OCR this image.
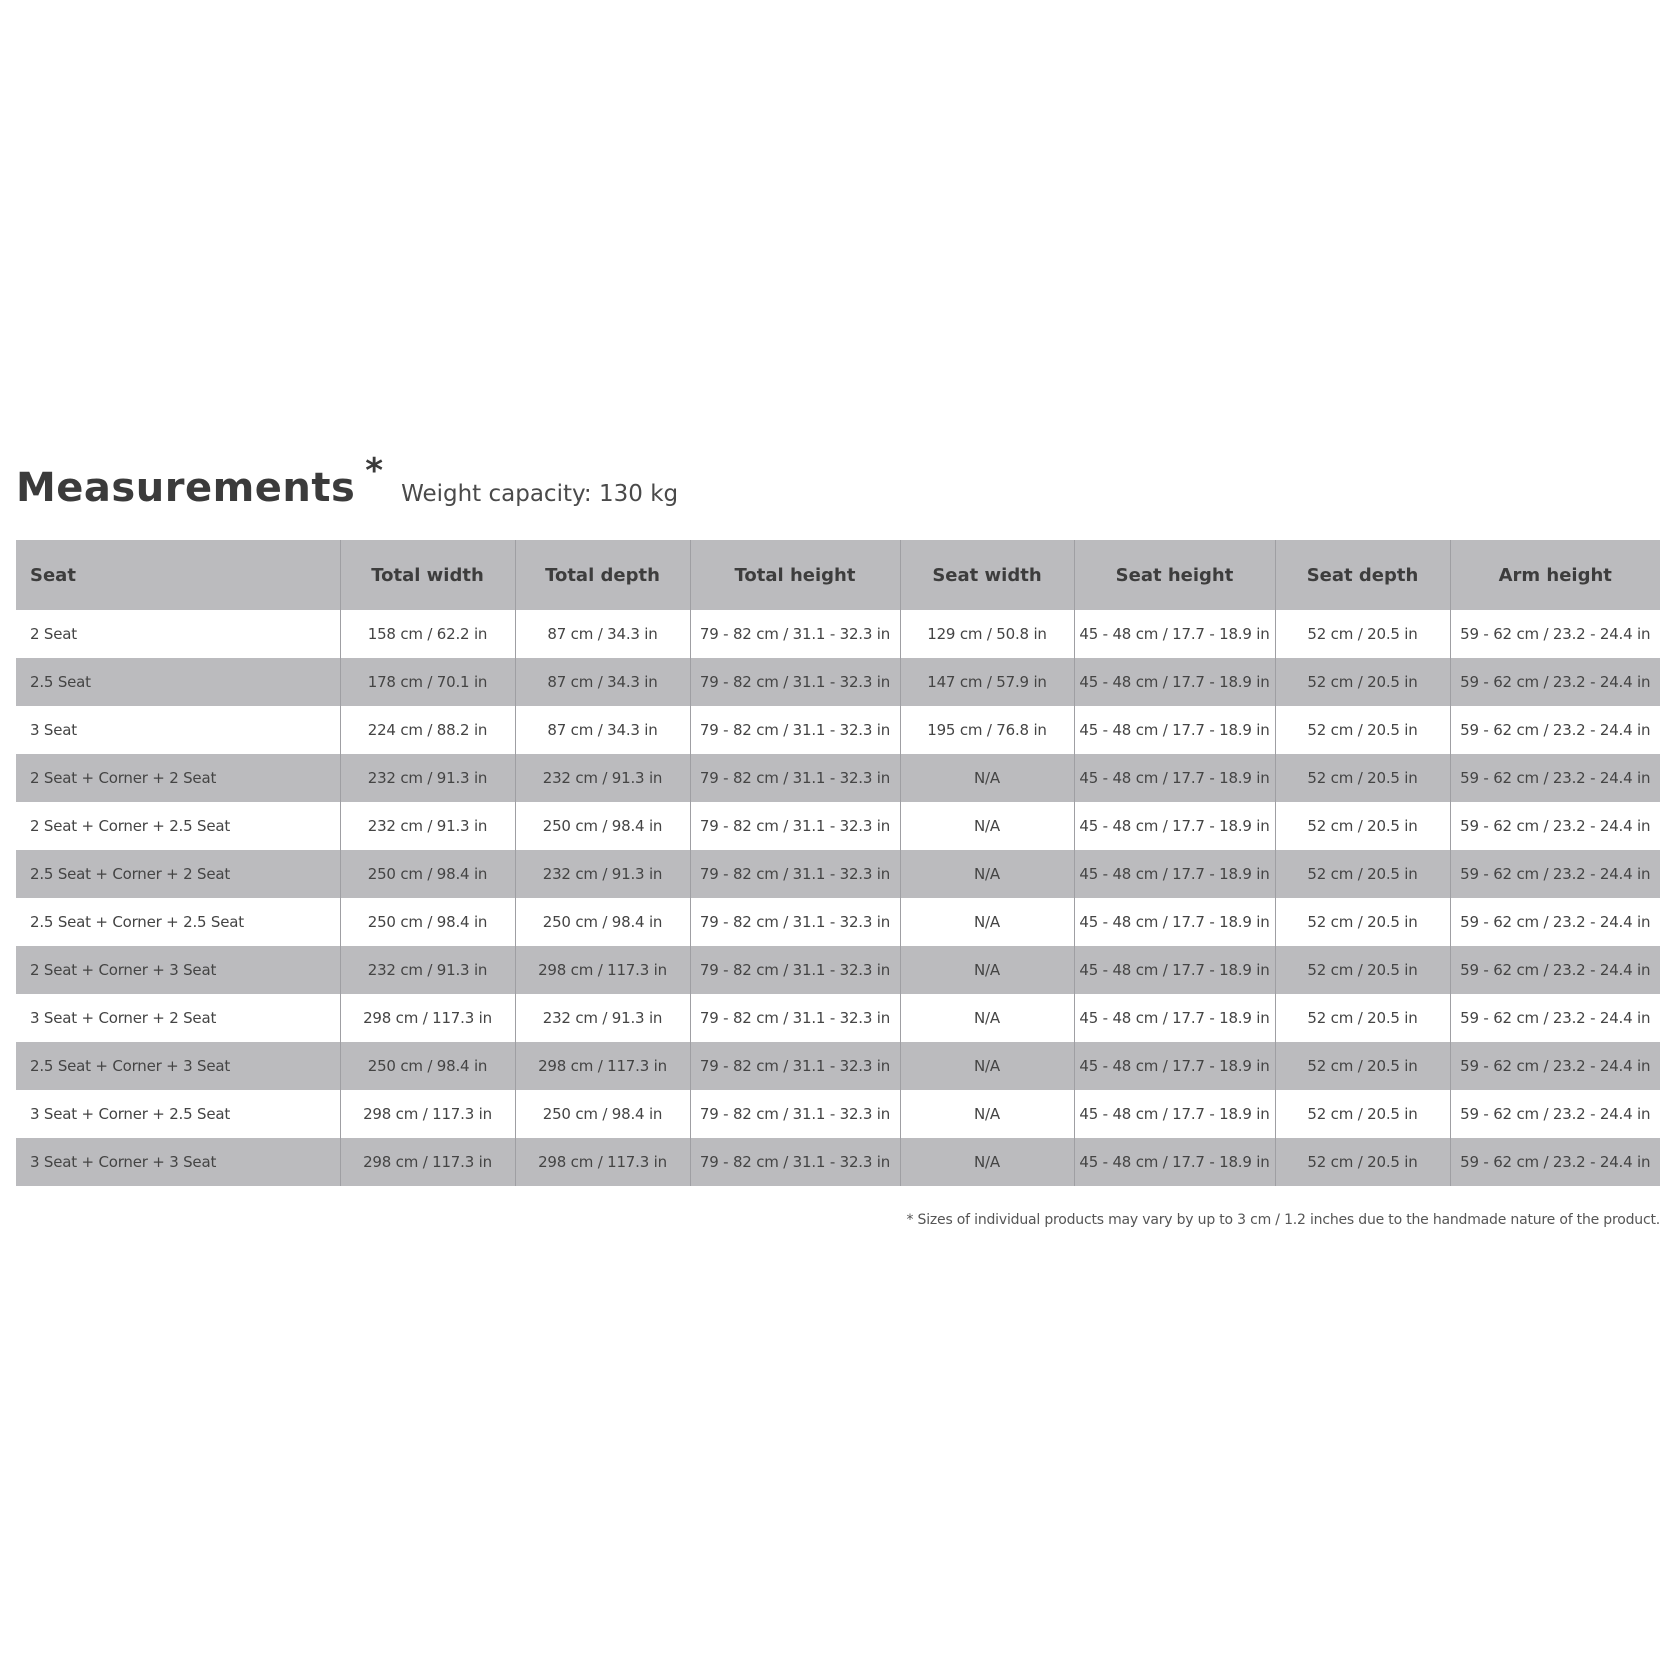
Measurements *
Weight capacity: 130 kg
Seat	Total width	Total depth	Total height	Seat width	Seat height	Seat depth	Arm height
2 Seat	158 cm / 62.2 in	87 cm / 34.3 in	79 - 82 cm / 31.1 - 32.3 in	129 cm / 50.8 in	45 - 48 cm / 17.7 - 18.9 in	52 cm / 20.5 in	59 - 62 cm / 23.2 - 24.4 in
2.5 Seat	178 cm / 70.1 in	87 cm / 34.3 in	79 - 82 cm / 31.1 - 32.3 in	147 cm / 57.9 in	45 - 48 cm / 17.7 - 18.9 in	52 cm / 20.5 in	59 - 62 cm / 23.2 - 24.4 in
3 Seat	224 cm / 88.2 in	87 cm / 34.3 in	79 - 82 cm / 31.1 - 32.3 in	195 cm / 76.8 in	45 - 48 cm / 17.7 - 18.9 in	52 cm / 20.5 in	59 - 62 cm / 23.2 - 24.4 in
2 Seat + Corner + 2 Seat	232 cm / 91.3 in	232 cm / 91.3 in	79 - 82 cm / 31.1 - 32.3 in	N/A	45 - 48 cm / 17.7 - 18.9 in	52 cm / 20.5 in	59 - 62 cm / 23.2 - 24.4 in
2 Seat + Corner + 2.5 Seat	232 cm / 91.3 in	250 cm / 98.4 in	79 - 82 cm / 31.1 - 32.3 in	N/A	45 - 48 cm / 17.7 - 18.9 in	52 cm / 20.5 in	59 - 62 cm / 23.2 - 24.4 in
2.5 Seat + Corner + 2 Seat	250 cm / 98.4 in	232 cm / 91.3 in	79 - 82 cm / 31.1 - 32.3 in	N/A	45 - 48 cm / 17.7 - 18.9 in	52 cm / 20.5 in	59 - 62 cm / 23.2 - 24.4 in
2.5 Seat + Corner + 2.5 Seat	250 cm / 98.4 in	250 cm / 98.4 in	79 - 82 cm / 31.1 - 32.3 in	N/A	45 - 48 cm / 17.7 - 18.9 in	52 cm / 20.5 in	59 - 62 cm / 23.2 - 24.4 in
2 Seat + Corner + 3 Seat	232 cm / 91.3 in	298 cm / 117.3 in	79 - 82 cm / 31.1 - 32.3 in	N/A	45 - 48 cm / 17.7 - 18.9 in	52 cm / 20.5 in	59 - 62 cm / 23.2 - 24.4 in
3 Seat + Corner + 2 Seat	298 cm / 117.3 in	232 cm / 91.3 in	79 - 82 cm / 31.1 - 32.3 in	N/A	45 - 48 cm / 17.7 - 18.9 in	52 cm / 20.5 in	59 - 62 cm / 23.2 - 24.4 in
2.5 Seat + Corner + 3 Seat	250 cm / 98.4 in	298 cm / 117.3 in	79 - 82 cm / 31.1 - 32.3 in	N/A	45 - 48 cm / 17.7 - 18.9 in	52 cm / 20.5 in	59 - 62 cm / 23.2 - 24.4 in
3 Seat + Corner + 2.5 Seat	298 cm / 117.3 in	250 cm / 98.4 in	79 - 82 cm / 31.1 - 32.3 in	N/A	45 - 48 cm / 17.7 - 18.9 in	52 cm / 20.5 in	59 - 62 cm / 23.2 - 24.4 in
3 Seat + Corner + 3 Seat	298 cm / 117.3 in	298 cm / 117.3 in	79 - 82 cm / 31.1 - 32.3 in	N/A	45 - 48 cm / 17.7 - 18.9 in	52 cm / 20.5 in	59 - 62 cm / 23.2 - 24.4 in
* Sizes of individual products may vary by up to 3 cm / 1.2 inches due to the handmade nature of the product.
